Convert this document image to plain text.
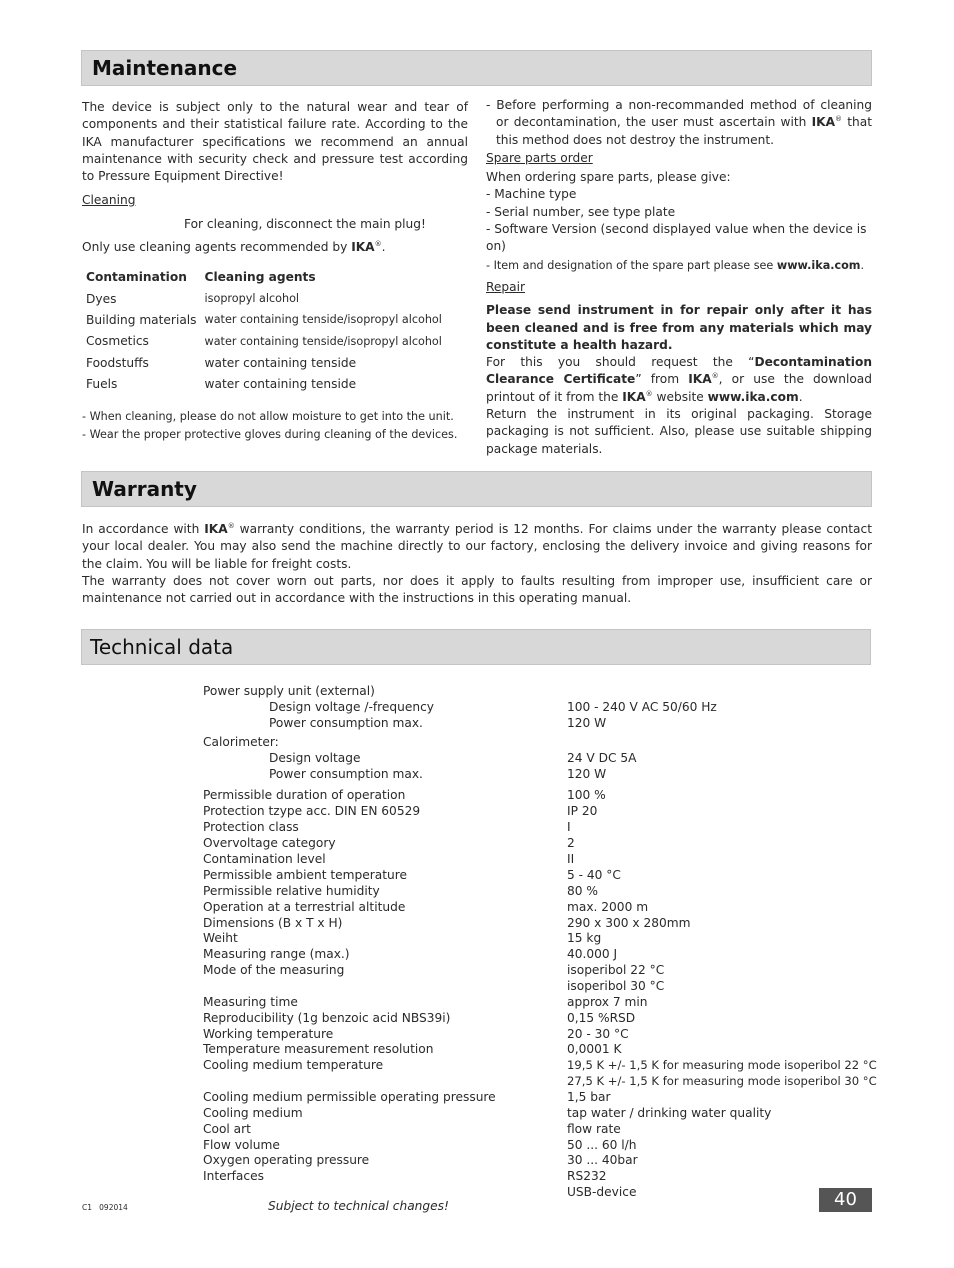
Maintenance
The device is subject only to the natural wear and tear of components and their statistical failure rate. According to the IKA manufacturer specifications we recommend an annual maintenance with security check and pressure test according to Pressure Equipment Directive!
Cleaning
For cleaning, disconnect the main plug!
Only use cleaning agents recommended by IKA®.
Contamination	Cleaning agents
Dyes	isopropyl alcohol
Building materials	water containing tenside/isopropyl alcohol
Cosmetics	water containing tenside/isopropyl alcohol
Foodstuffs	water containing tenside
Fuels	water containing tenside
- When cleaning, please do not allow moisture to get into the unit.
- Wear the proper protective gloves during cleaning of the devices.
- Before performing a non-recommanded method of cleaning or decontamination, the user must ascertain with IKA® that this method does not destroy the instrument.
Spare parts order
When ordering spare parts, please give:
- Machine type
- Serial number, see type plate
- Software Version (second displayed value when the device is on)
- Item and designation of the spare part please see www.ika.com.
Repair
Please send instrument in for repair only after it has been cleaned and is free from any materials which may constitute a health hazard.
For this you should request the “Decontamination Clearance Certificate” from IKA®, or use the download printout of it from the IKA® website www.ika.com.
Return the instrument in its original packaging. Storage packaging is not sufficient. Also, please use suitable shipping package materials.
Warranty
In accordance with IKA® warranty conditions, the warranty period is 12 months. For claims under the warranty please contact your local dealer. You may also send the machine directly to our factory, enclosing the delivery invoice and giving reasons for the claim. You will be liable for freight costs.
The warranty does not cover worn out parts, nor does it apply to faults resulting from improper use, insufficient care or maintenance not carried out in accordance with the instructions in this operating manual.
Technical data
Power supply unit (external)
Design voltage /-frequency	100 - 240 V AC 50/60 Hz
Power consumption max.	120 W
Calorimeter:
Design voltage	24 V DC 5A
Power consumption max.	120 W
Permissible duration of operation	100 %
Protection tzype acc. DIN EN 60529	IP 20
Protection class	I
Overvoltage category	2
Contamination level	II
Permissible ambient temperature	5 - 40 °C
Permissible relative humidity	80 %
Operation at a terrestrial altitude	max. 2000 m
Dimensions (B x T x H)	290 x 300 x 280mm
Weiht	15 kg
Measuring range (max.)	40.000 J
Mode of the measuring	isoperibol 22 °C
isoperibol 30 °C
Measuring time	approx 7 min
Reproducibility (1g benzoic acid NBS39i)	0,15 %RSD
Working temperature	20 - 30 °C
Temperature measurement resolution	0,0001 K
Cooling medium temperature	19,5 K +/- 1,5 K for measuring mode isoperibol 22 °C
27,5 K +/- 1,5 K for measuring mode isoperibol 30 °C
Cooling medium permissible operating pressure	1,5 bar
Cooling medium	tap water / drinking water quality
Cool art	flow rate
Flow volume	50 ... 60 l/h
Oxygen operating pressure	30 ... 40bar
Interfaces	RS232
USB-device
C1   092014	Subject to technical changes!	40
